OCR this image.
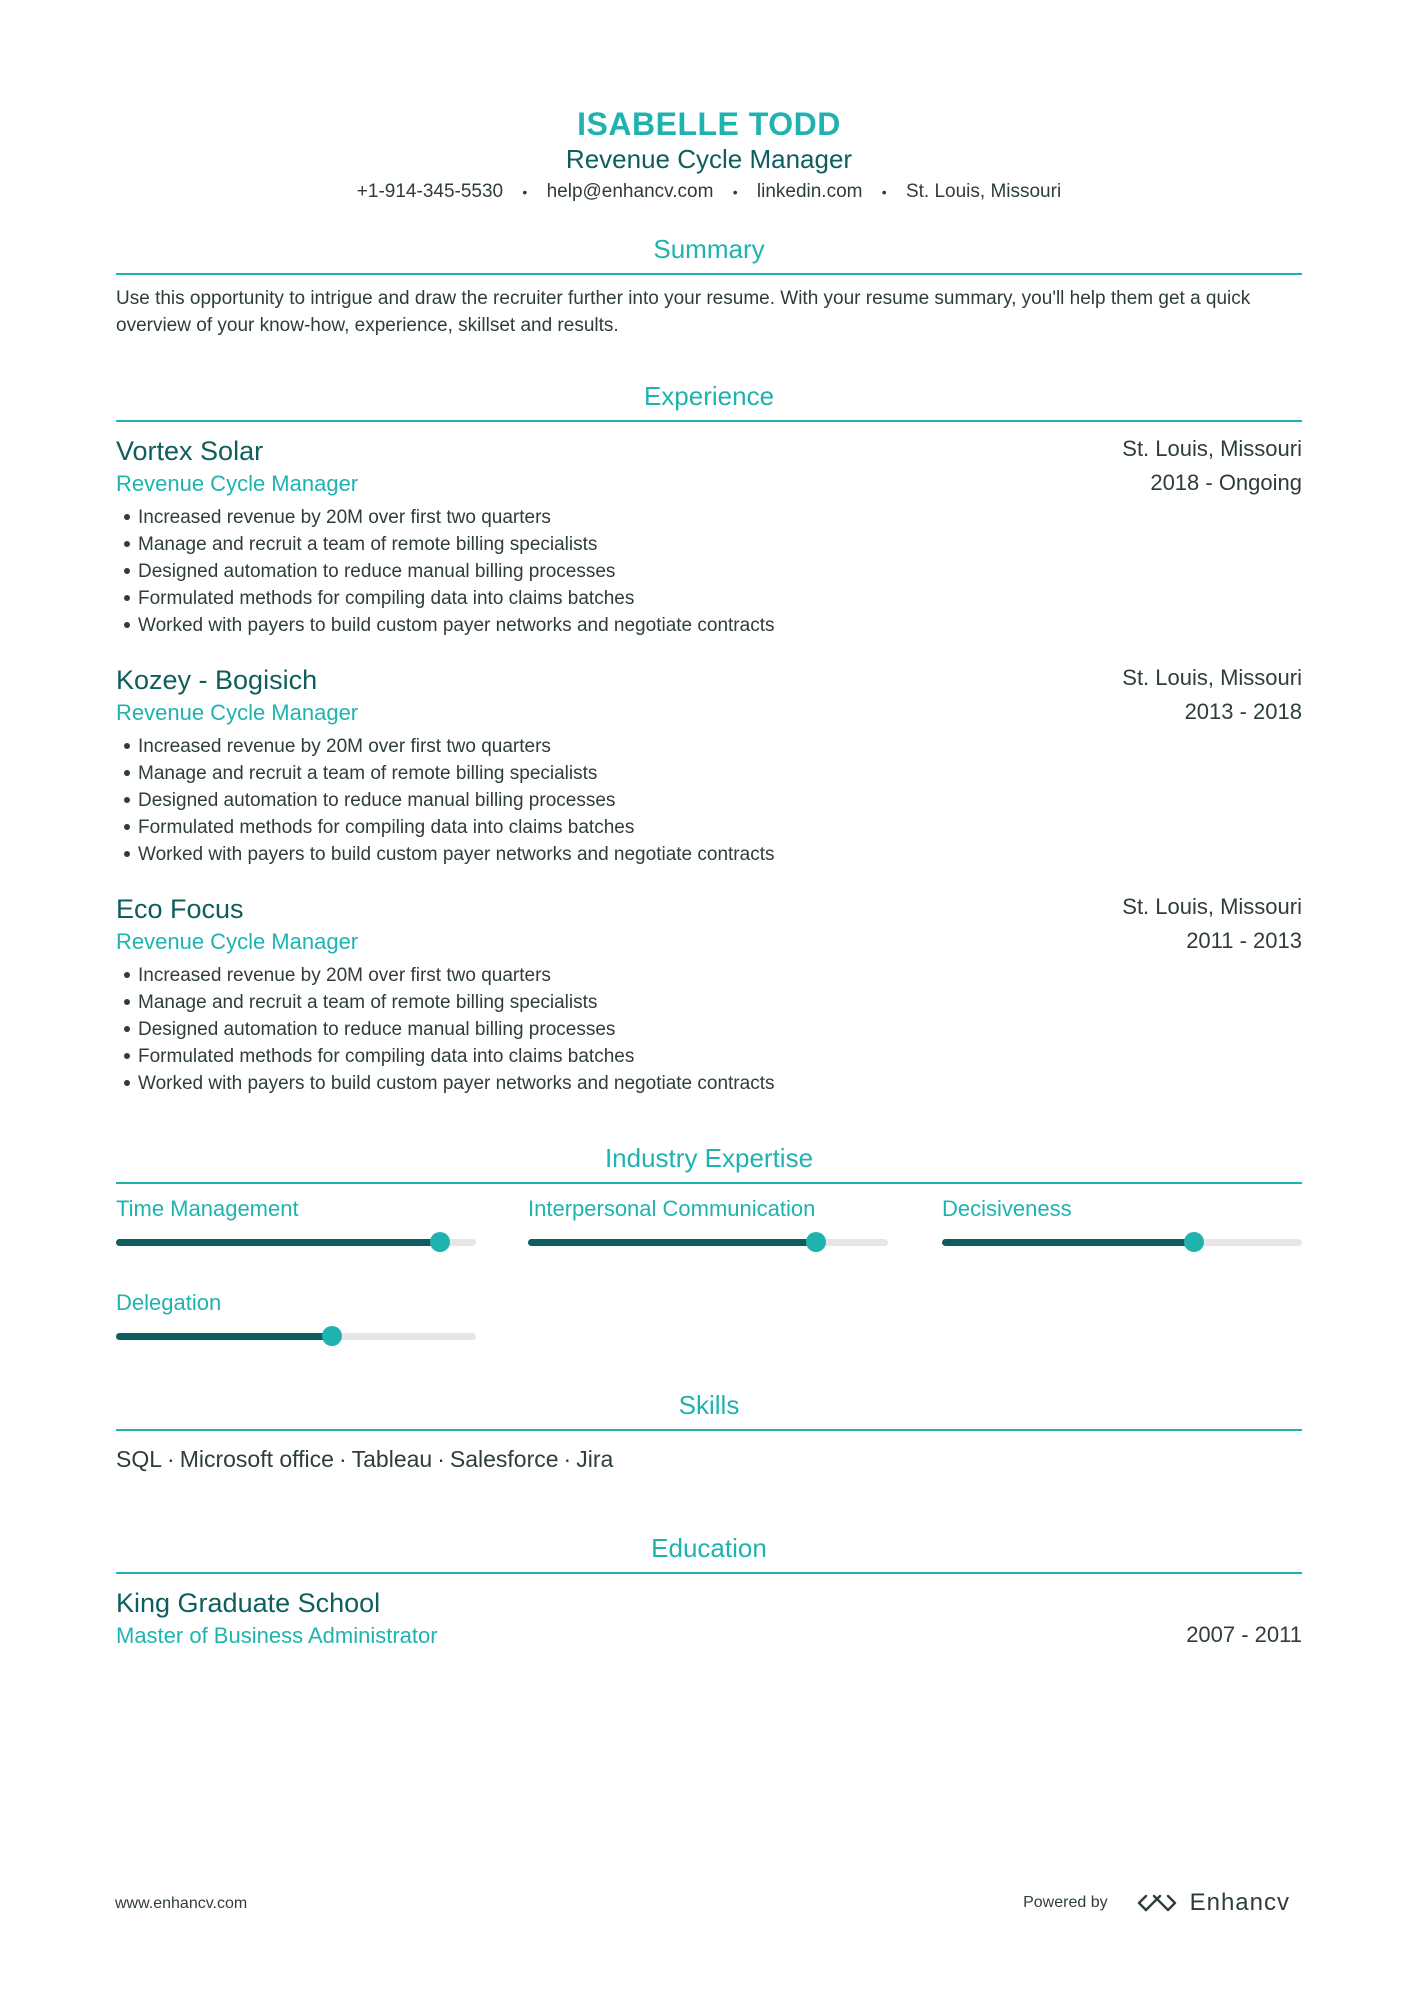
ISABELLE TODD
Revenue Cycle Manager
+1-914-345-5530 • help@enhancv.com • linkedin.com • St. Louis, Missouri
Summary
Use this opportunity to intrigue and draw the recruiter further into your resume. With your resume summary, you'll help them get a quick overview of your know-how, experience, skillset and results.
Experience
Vortex Solar
Revenue Cycle Manager
St. Louis, Missouri
2018 - Ongoing
Increased revenue by 20M over first two quarters
Manage and recruit a team of remote billing specialists
Designed automation to reduce manual billing processes
Formulated methods for compiling data into claims batches
Worked with payers to build custom payer networks and negotiate contracts
Kozey - Bogisich
Revenue Cycle Manager
St. Louis, Missouri
2013 - 2018
Increased revenue by 20M over first two quarters
Manage and recruit a team of remote billing specialists
Designed automation to reduce manual billing processes
Formulated methods for compiling data into claims batches
Worked with payers to build custom payer networks and negotiate contracts
Eco Focus
Revenue Cycle Manager
St. Louis, Missouri
2011 - 2013
Increased revenue by 20M over first two quarters
Manage and recruit a team of remote billing specialists
Designed automation to reduce manual billing processes
Formulated methods for compiling data into claims batches
Worked with payers to build custom payer networks and negotiate contracts
Industry Expertise
Time Management	Interpersonal Communication	Decisiveness
Delegation
Skills
SQL · Microsoft office · Tableau · Salesforce · Jira
Education
King Graduate School
Master of Business Administrator	2007 - 2011
www.enhancv.com	Powered by	Enhancv
